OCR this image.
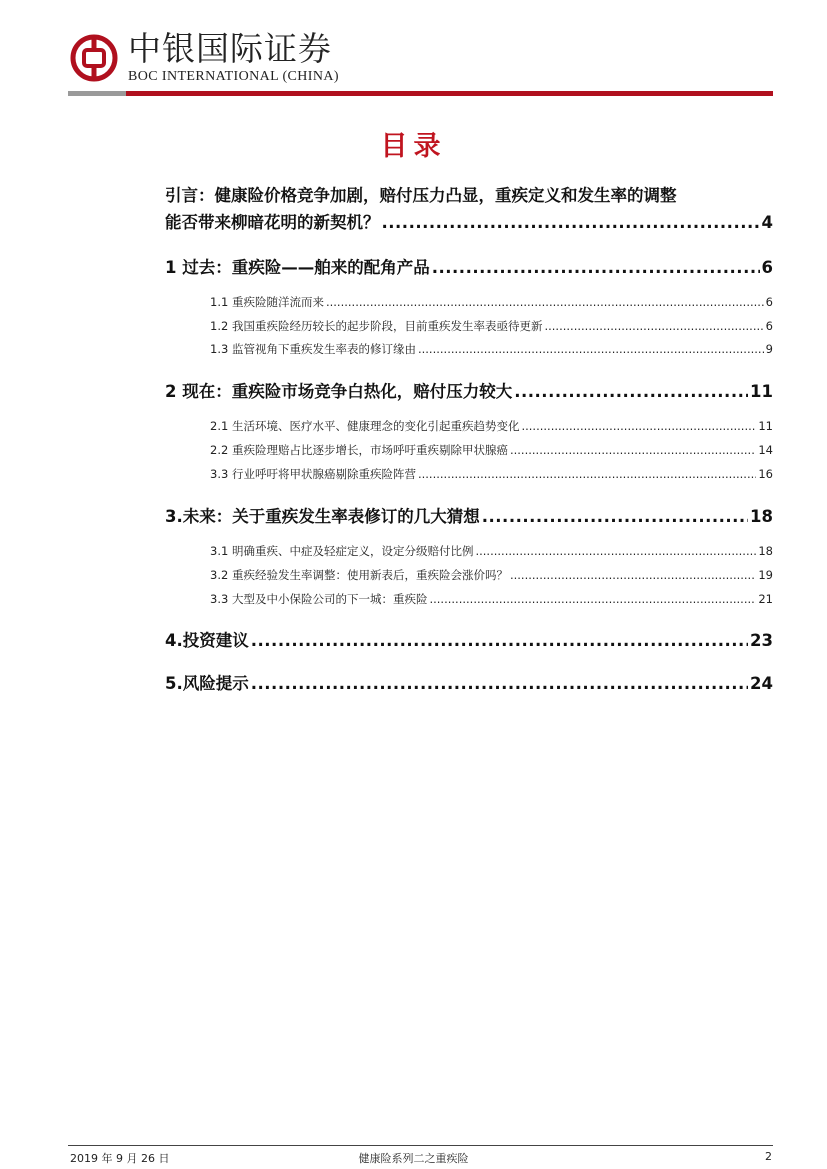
中银国际证券
BOC INTERNATIONAL (CHINA)
目录
引言：健康险价格竞争加剧，赔付压力凸显，重疾定义和发生率的调整
能否带来柳暗花明的新契机？ .....	4
1 过去：重疾险——舶来的配角产品 .....	6
1.1 重疾险随洋流而来 .....	6
1.2 我国重疾险经历较长的起步阶段，目前重疾发生率表亟待更新 .....	6
1.3 监管视角下重疾发生率表的修订缘由 .....	9
2 现在：重疾险市场竞争白热化，赔付压力较大 .....	11
2.1 生活环境、医疗水平、健康理念的变化引起重疾趋势变化 .....	11
2.2 重疾险理赔占比逐步增长，市场呼吁重疾剔除甲状腺癌 .....	14
3.3 行业呼吁将甲状腺癌剔除重疾险阵营 .....	16
3.未来：关于重疾发生率表修订的几大猜想 .....	18
3.1 明确重疾、中症及轻症定义，设定分级赔付比例 .....	18
3.2 重疾经验发生率调整：使用新表后，重疾险会涨价吗？ .....	19
3.3 大型及中小保险公司的下一城：重疾险 .....	21
4.投资建议 .....	23
5.风险提示 .....	24
2019 年 9 月 26 日	健康险系列二之重疾险	2
